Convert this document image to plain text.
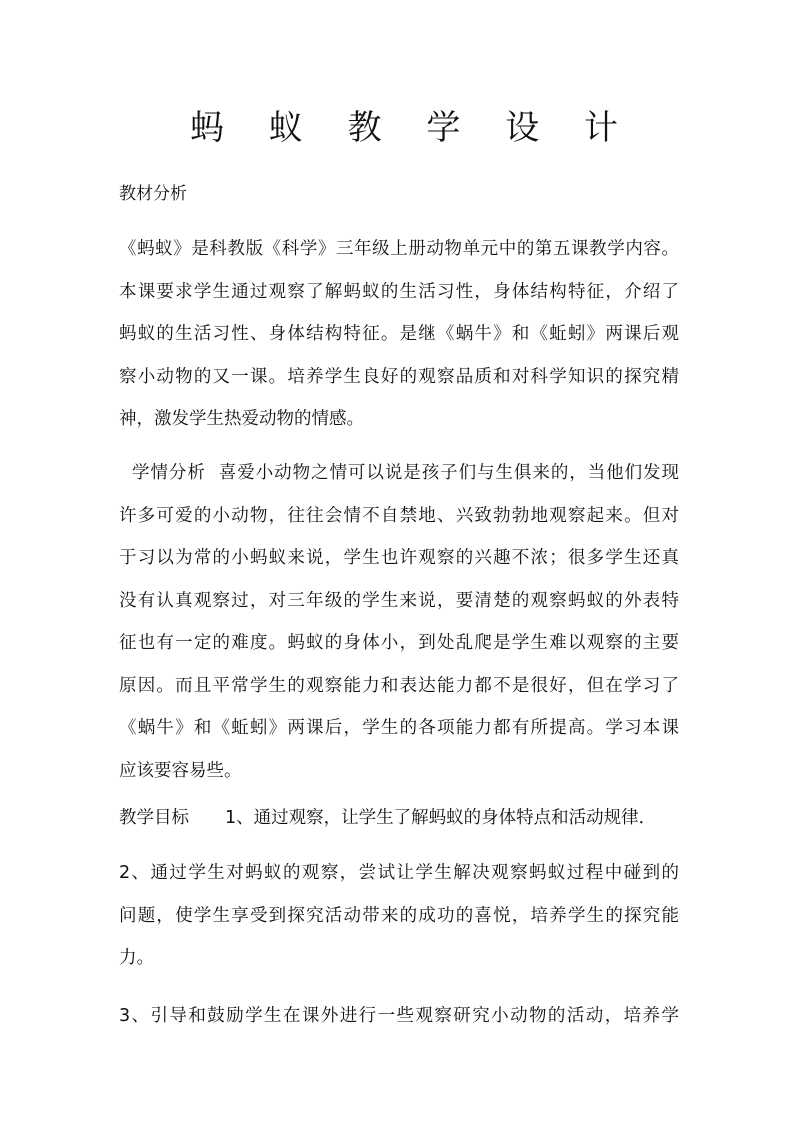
蚂 蚁 教 学 设 计
教材分析
《蚂蚁》是科教版《科学》三年级上册动物单元中的第五课教学内容。
本课要求学生通过观察了解蚂蚁的生活习性，身体结构特征，介绍了
蚂蚁的生活习性、身体结构特征。是继《蜗牛》和《蚯蚓》两课后观
察小动物的又一课。培养学生良好的观察品质和对科学知识的探究精
神，激发学生热爱动物的情感。
学情分析  喜爱小动物之情可以说是孩子们与生俱来的，当他们发现
许多可爱的小动物，往往会情不自禁地、兴致勃勃地观察起来。但对
于习以为常的小蚂蚁来说，学生也许观察的兴趣不浓；很多学生还真
没有认真观察过，对三年级的学生来说，要清楚的观察蚂蚁的外表特
征也有一定的难度。蚂蚁的身体小，到处乱爬是学生难以观察的主要
原因。而且平常学生的观察能力和表达能力都不是很好，但在学习了
《蜗牛》和《蚯蚓》两课后，学生的各项能力都有所提高。学习本课
应该要容易些。
教学目标 1、通过观察，让学生了解蚂蚁的身体特点和活动规律．
2、通过学生对蚂蚁的观察，尝试让学生解决观察蚂蚁过程中碰到的
问题，使学生享受到探究活动带来的成功的喜悦，培养学生的探究能
力。
3、引导和鼓励学生在课外进行一些观察研究小动物的活动，培养学
